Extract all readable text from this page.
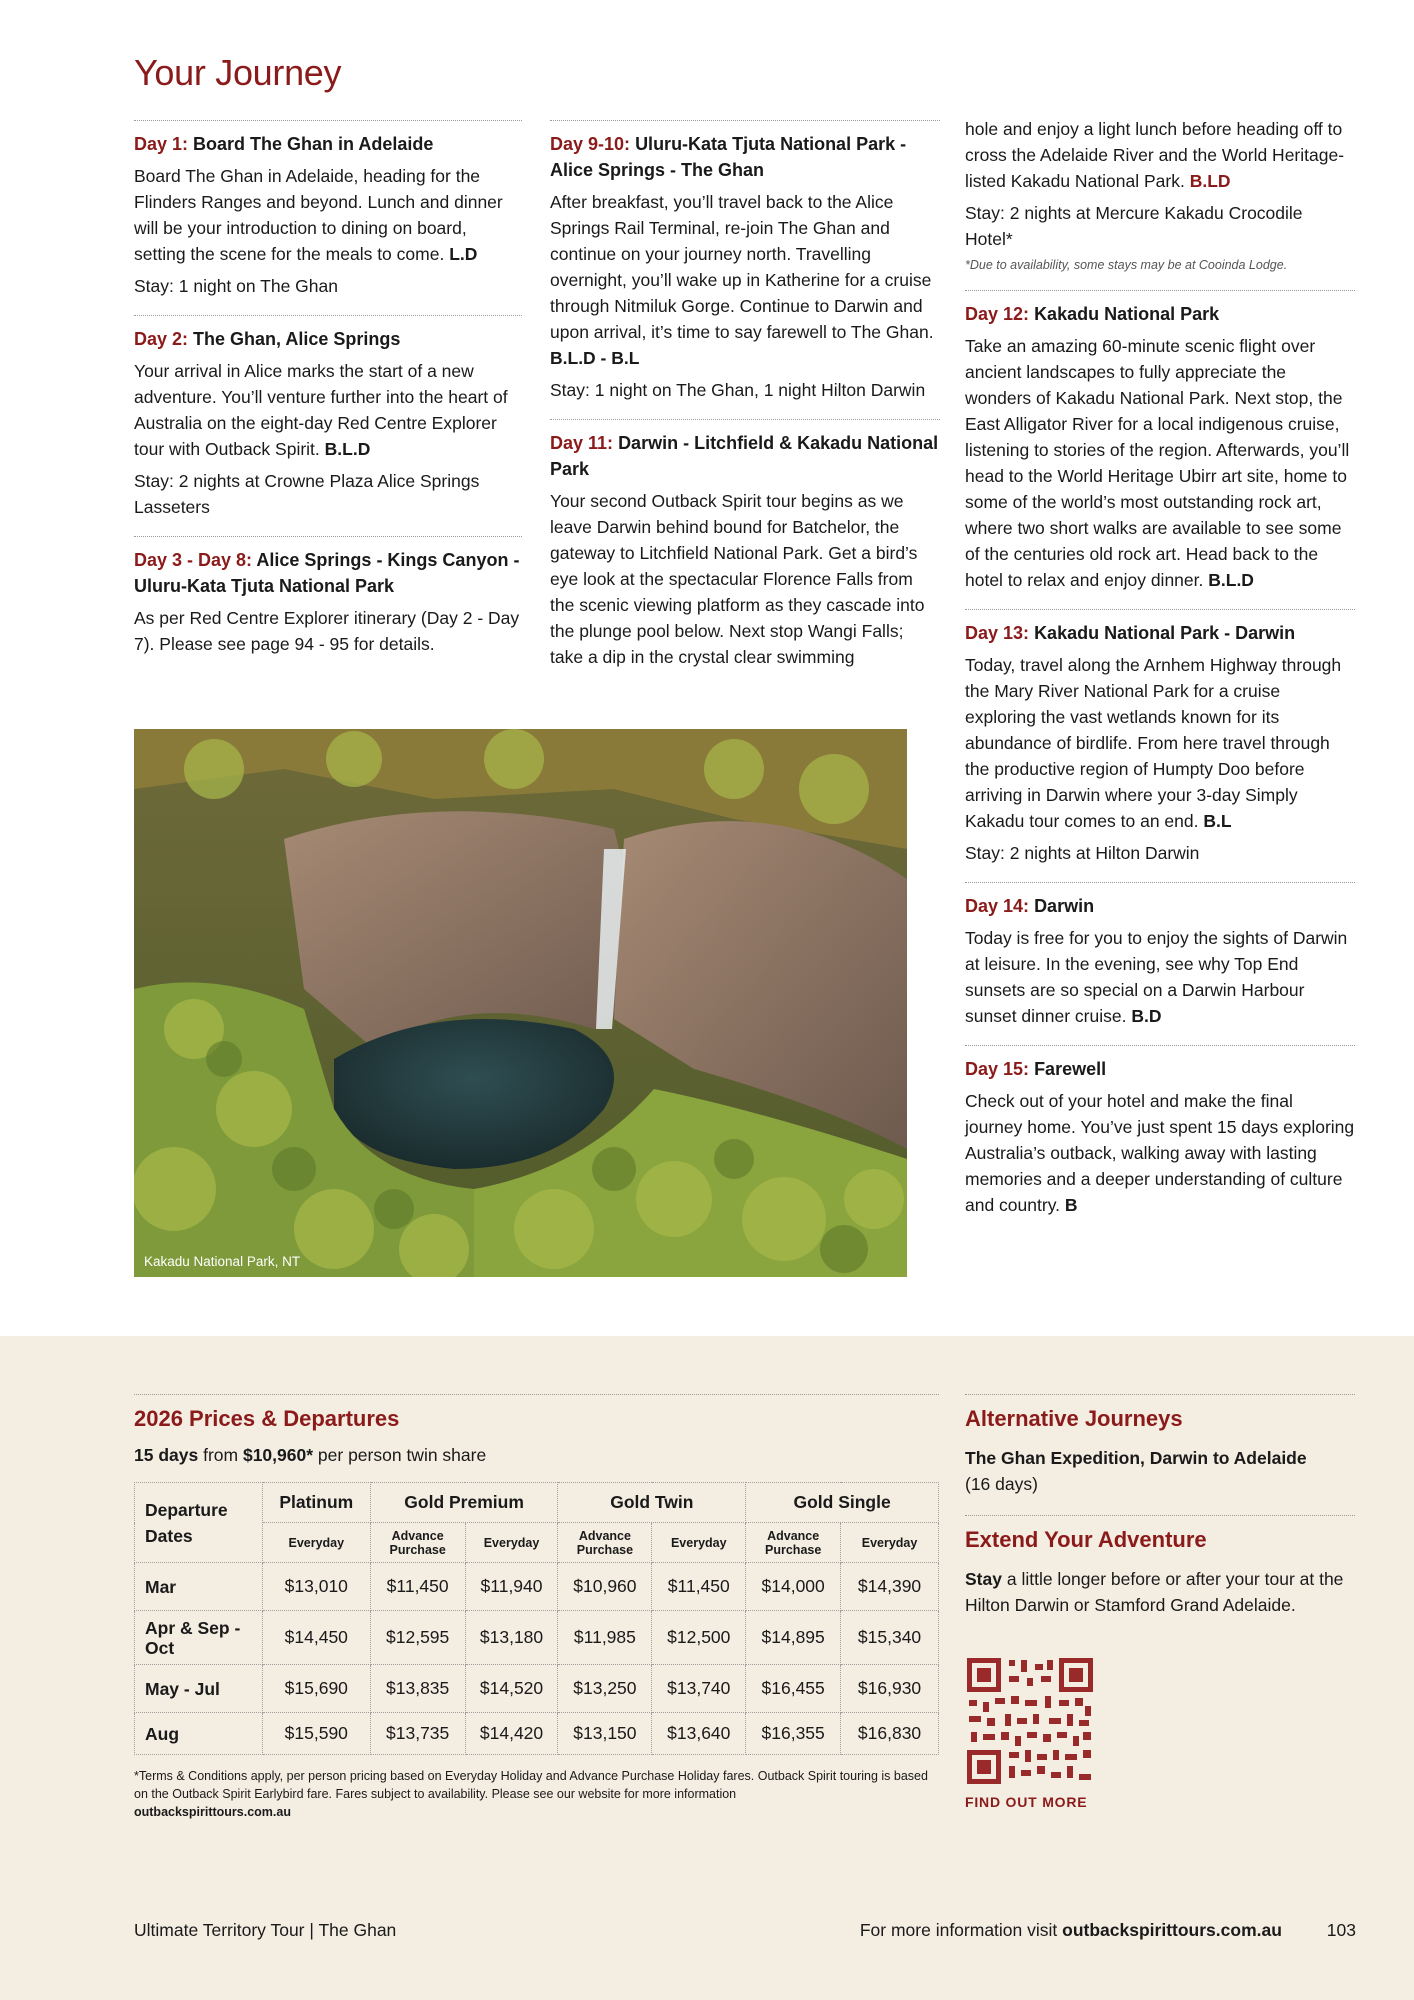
Your Journey
Day 1: Board The Ghan in Adelaide

Board The Ghan in Adelaide, heading for the Flinders Ranges and beyond. Lunch and dinner will be your introduction to dining on board, setting the scene for the meals to come. L.D

Stay: 1 night on The Ghan

Day 2: The Ghan, Alice Springs

Your arrival in Alice marks the start of a new adventure. You’ll venture further into the heart of Australia on the eight-day Red Centre Explorer tour with Outback Spirit. B.L.D

Stay: 2 nights at Crowne Plaza Alice Springs Lasseters

Day 3 - Day 8: Alice Springs - Kings Canyon - Uluru-Kata Tjuta National Park

As per Red Centre Explorer itinerary (Day 2 - Day 7). Please see page 94 - 95 for details.

Day 9-10: Uluru-Kata Tjuta National Park - Alice Springs - The Ghan

After breakfast, you’ll travel back to the Alice Springs Rail Terminal, re-join The Ghan and continue on your journey north. Travelling overnight, you’ll wake up in Katherine for a cruise through Nitmiluk Gorge. Continue to Darwin and upon arrival, it’s time to say farewell to The Ghan. B.L.D - B.L

Stay: 1 night on The Ghan, 1 night Hilton Darwin

Day 11: Darwin - Litchfield & Kakadu National Park

Your second Outback Spirit tour begins as we leave Darwin behind bound for Batchelor, the gateway to Litchfield National Park. Get a bird’s eye look at the spectacular Florence Falls from the scenic viewing platform as they cascade into the plunge pool below. Next stop Wangi Falls; take a dip in the crystal clear swimming

hole and enjoy a light lunch before heading off to cross the Adelaide River and the World Heritage-listed Kakadu National Park. B.LD

Stay: 2 nights at Mercure Kakadu Crocodile Hotel*

*Due to availability, some stays may be at Cooinda Lodge.

Day 12: Kakadu National Park

Take an amazing 60-minute scenic flight over ancient landscapes to fully appreciate the wonders of Kakadu National Park. Next stop, the East Alligator River for a local indigenous cruise, listening to stories of the region. Afterwards, you’ll head to the World Heritage Ubirr art site, home to some of the world’s most outstanding rock art, where two short walks are available to see some of the centuries old rock art. Head back to the hotel to relax and enjoy dinner. B.L.D

Day 13: Kakadu National Park - Darwin

Today, travel along the Arnhem Highway through the Mary River National Park for a cruise exploring the vast wetlands known for its abundance of birdlife. From here travel through the productive region of Humpty Doo before arriving in Darwin where your 3-day Simply Kakadu tour comes to an end. B.L

Stay: 2 nights at Hilton Darwin

Day 14: Darwin

Today is free for you to enjoy the sights of Darwin at leisure. In the evening, see why Top End sunsets are so special on a Darwin Harbour sunset dinner cruise. B.D

Day 15: Farewell

Check out of your hotel and make the final journey home. You’ve just spent 15 days exploring Australia’s outback, walking away with lasting memories and a deeper understanding of culture and country. B

Kakadu National Park, NT
2026 Prices & Departures
15 days from $10,960* per person twin share
Departure Dates	Platinum	Gold Premium		Gold Twin		Gold Single	
	Everyday	Advance Purchase	Everyday	Advance Purchase	Everyday	Advance Purchase	Everyday
Mar	$13,010	$11,450	$11,940	$10,960	$11,450	$14,000	$14,390
Apr & Sep - Oct	$14,450	$12,595	$13,180	$11,985	$12,500	$14,895	$15,340
May - Jul	$15,690	$13,835	$14,520	$13,250	$13,740	$16,455	$16,930
Aug	$15,590	$13,735	$14,420	$13,150	$13,640	$16,355	$16,830
*Terms & Conditions apply, per person pricing based on Everyday Holiday and Advance Purchase Holiday fares. Outback Spirit touring is based on the Outback Spirit Earlybird fare. Fares subject to availability. Please see our website for more information
outbackspirittours.com.au
Alternative Journeys

The Ghan Expedition, Darwin to Adelaide
(16 days)

Extend Your Adventure

Stay a little longer before or after your tour at the Hilton Darwin or Stamford Grand Adelaide.

FIND OUT MORE
Ultimate Territory Tour | The Ghan	For more information visit outbackspirittours.com.au	103
